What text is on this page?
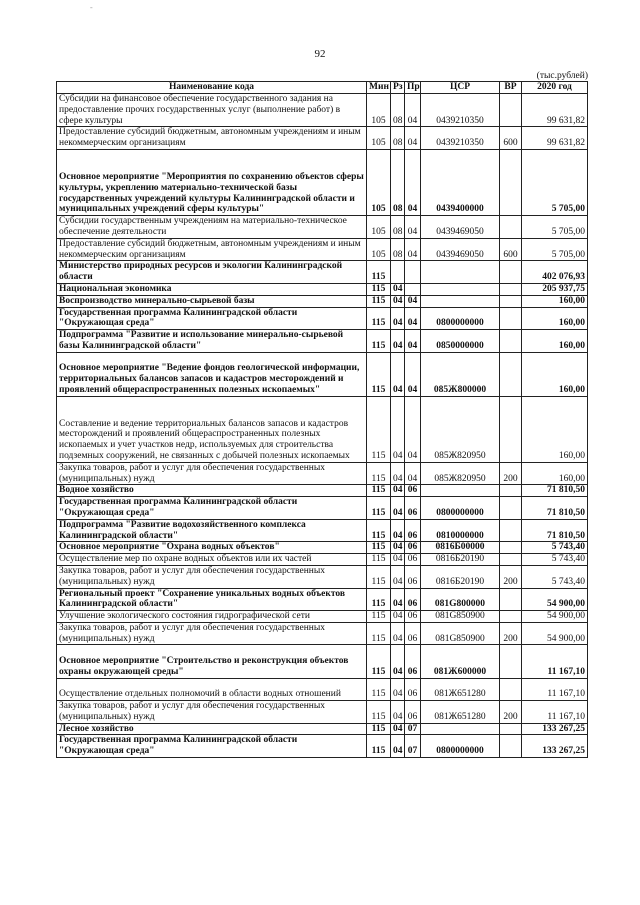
-
92
(тыс.рублей)
Наименование кода	Мин	Рз	Пр	ЦСР	ВР	2020 год
Субсидии на финансовое обеспечение государственного задания на предоставление прочих государственных услуг (выполнение работ) в сфере культуры	105	08	04	0439210350		99 631,82
Предоставление субсидий бюджетным, автономным учреждениям и иным некоммерческим организациям	105	08	04	0439210350	600	99 631,82
Основное мероприятие "Мероприятия по сохранению объектов сферы культуры, укреплению материально-технической базы государственных учреждений культуры Калининградской области и муниципальных учреждений сферы культуры"	105	08	04	0439400000		5 705,00
Субсидии государственным учреждениям на материально-техническое обеспечение деятельности	105	08	04	0439469050		5 705,00
Предоставление субсидий бюджетным, автономным учреждениям и иным некоммерческим организациям	105	08	04	0439469050	600	5 705,00
Министерство природных ресурсов и экологии Калининградской области	115					402 076,93
Национальная экономика	115	04				205 937,75
Воспроизводство минерально-сырьевой базы	115	04	04			160,00
Государственная программа Калининградской области "Окружающая среда"	115	04	04	0800000000		160,00
Подпрограмма "Развитие и использование минерально-сырьевой базы Калининградской области"	115	04	04	0850000000		160,00
Основное мероприятие "Ведение фондов геологической информации, территориальных балансов запасов и кадастров месторождений и проявлений общераспространенных полезных ископаемых"	115	04	04	085Ж800000		160,00
Составление и ведение территориальных балансов запасов и кадастров месторождений и проявлений общераспространенных полезных ископаемых и учет участков недр, используемых для строительства подземных сооружений, не связанных с добычей полезных ископаемых	115	04	04	085Ж820950		160,00
Закупка товаров, работ и услуг для обеспечения государственных (муниципальных) нужд	115	04	04	085Ж820950	200	160,00
Водное хозяйство	115	04	06			71 810,50
Государственная программа Калининградской области "Окружающая среда"	115	04	06	0800000000		71 810,50
Подпрограмма "Развитие водохозяйственного комплекса Калининградской области"	115	04	06	0810000000		71 810,50
Основное мероприятие "Охрана водных объектов"	115	04	06	0816Б00000		5 743,40
Осуществление мер по охране водных объектов или их частей	115	04	06	0816Б20190		5 743,40
Закупка товаров, работ и услуг для обеспечения государственных (муниципальных) нужд	115	04	06	0816Б20190	200	5 743,40
Региональный проект "Сохранение уникальных водных объектов Калининградской области"	115	04	06	081G800000		54 900,00
Улучшение экологического состояния гидрографической сети	115	04	06	081G850900		54 900,00
Закупка товаров, работ и услуг для обеспечения государственных (муниципальных) нужд	115	04	06	081G850900	200	54 900,00
Основное мероприятие "Строительство и реконструкция объектов охраны окружающей среды"	115	04	06	081Ж600000		11 167,10
Осуществление отдельных полномочий в области водных отношений	115	04	06	081Ж651280		11 167,10
Закупка товаров, работ и услуг для обеспечения государственных (муниципальных) нужд	115	04	06	081Ж651280	200	11 167,10
Лесное хозяйство	115	04	07			133 267,25
Государственная программа Калининградской области "Окружающая среда"	115	04	07	0800000000		133 267,25
